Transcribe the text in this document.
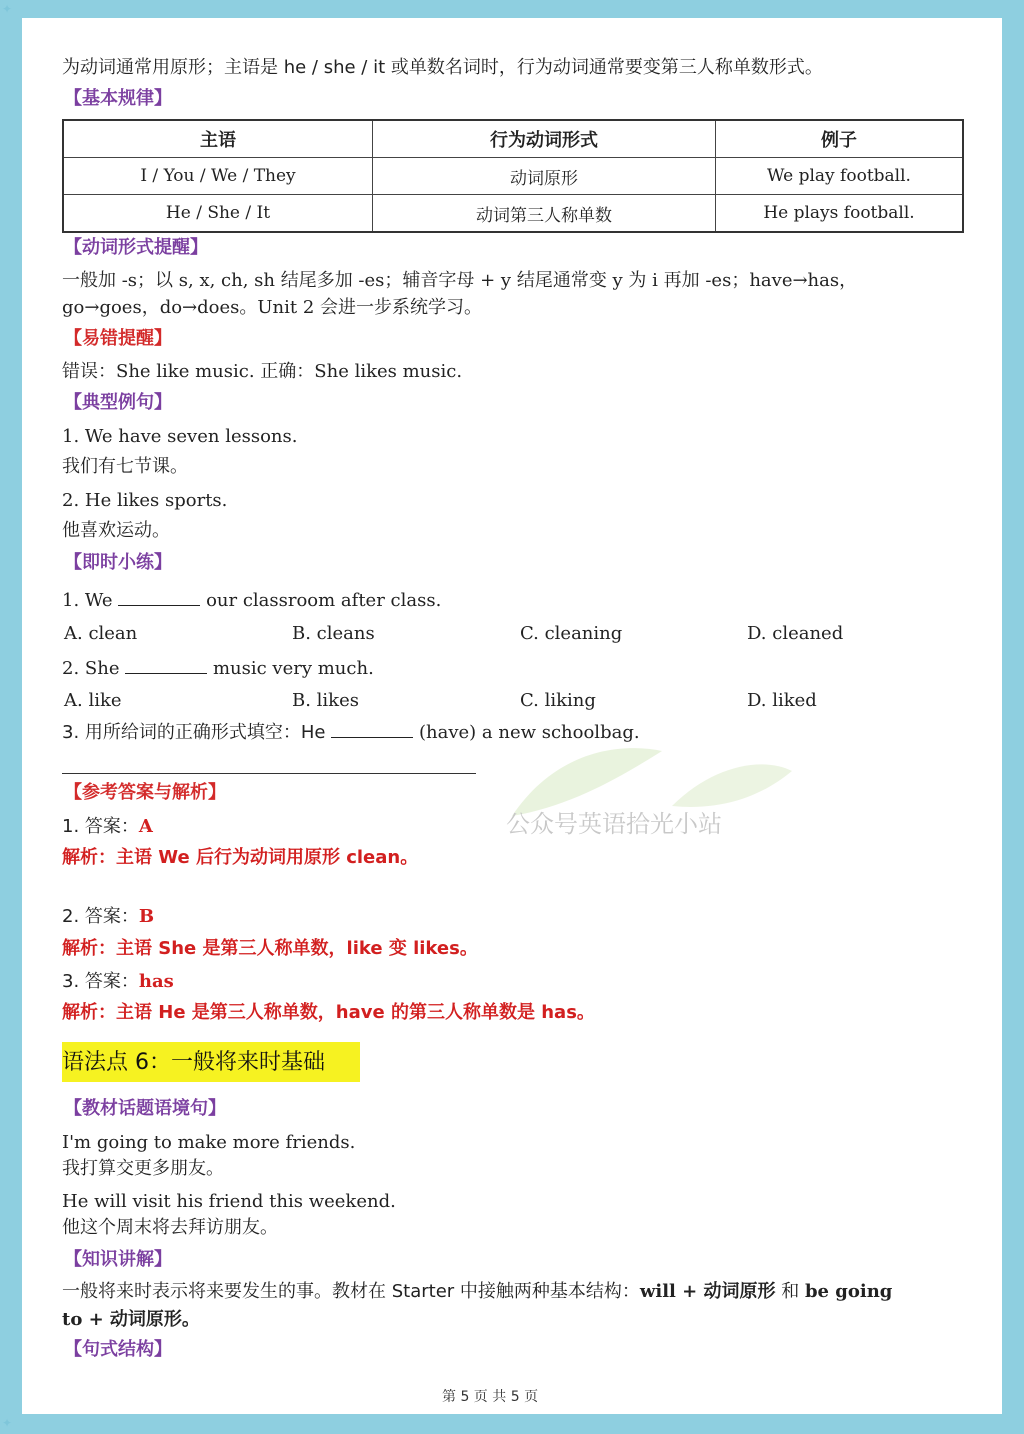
为动词通常用原形；主语是 he / she / it 或单数名词时，行为动词通常要变第三人称单数形式。
【基本规律】
主语	行为动词形式	例子
I / You / We / They	动词原形	We play football.
He / She / It	动词第三人称单数	He plays football.
【动词形式提醒】
一般加 -s；以 s, x, ch, sh 结尾多加 -es；辅音字母 + y 结尾通常变 y 为 i 再加 -es；have→has，
go→goes，do→does。Unit 2 会进一步系统学习。
【易错提醒】
错误：She like music. 正确：She likes music.
【典型例句】
1. We have seven lessons.
我们有七节课。
2. He likes sports.
他喜欢运动。
【即时小练】
1. We	our classroom after class.
A. clean	B. cleans	C. cleaning	D. cleaned
2. She	music very much.
A. like	B. likes	C. liking	D. liked
3. 用所给词的正确形式填空：He	(have) a new schoolbag.
公众号英语拾光小站
【参考答案与解析】
1. 答案：A
解析：主语 We 后行为动词用原形 clean。
2. 答案：B
解析：主语 She 是第三人称单数，like 变 likes。
3. 答案：has
解析：主语 He 是第三人称单数，have 的第三人称单数是 has。
语法点 6：一般将来时基础
【教材话题语境句】
I'm going to make more friends.
我打算交更多朋友。
He will visit his friend this weekend.
他这个周末将去拜访朋友。
【知识讲解】
一般将来时表示将来要发生的事。教材在 Starter 中接触两种基本结构：will + 动词原形 和 be going
to + 动词原形。
【句式结构】
第 5 页 共 5 页
✦
✦
